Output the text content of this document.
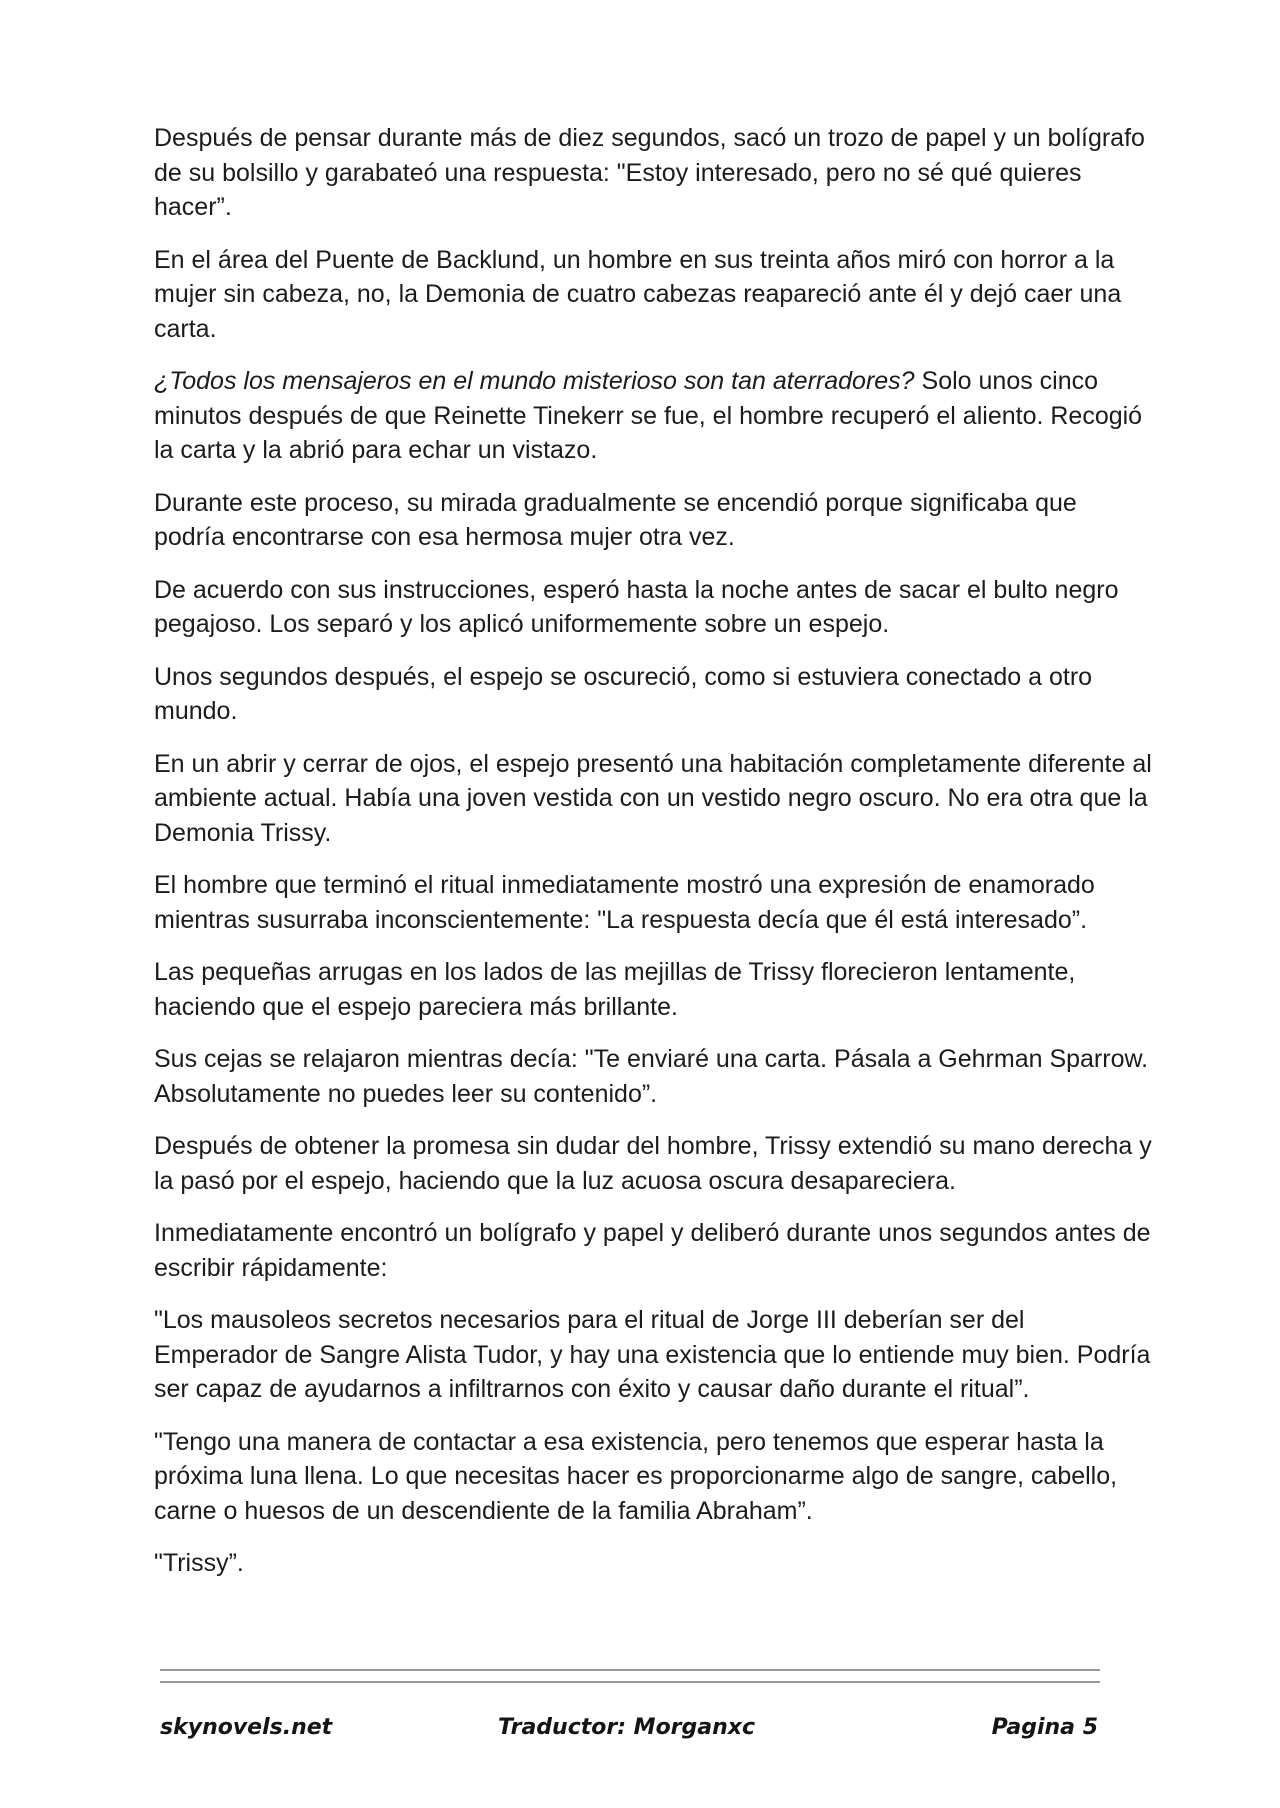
Después de pensar durante más de diez segundos, sacó un trozo de papel y un bolígrafo de su bolsillo y garabateó una respuesta: "Estoy interesado, pero no sé qué quieres hacer”.

En el área del Puente de Backlund, un hombre en sus treinta años miró con horror a la mujer sin cabeza, no, la Demonia de cuatro cabezas reapareció ante él y dejó caer una carta.

¿Todos los mensajeros en el mundo misterioso son tan aterradores? Solo unos cinco minutos después de que Reinette Tinekerr se fue, el hombre recuperó el aliento. Recogió la carta y la abrió para echar un vistazo.

Durante este proceso, su mirada gradualmente se encendió porque significaba que podría encontrarse con esa hermosa mujer otra vez.

De acuerdo con sus instrucciones, esperó hasta la noche antes de sacar el bulto negro pegajoso. Los separó y los aplicó uniformemente sobre un espejo.

Unos segundos después, el espejo se oscureció, como si estuviera conectado a otro mundo.

En un abrir y cerrar de ojos, el espejo presentó una habitación completamente diferente al ambiente actual. Había una joven vestida con un vestido negro oscuro. No era otra que la Demonia Trissy.

El hombre que terminó el ritual inmediatamente mostró una expresión de enamorado mientras susurraba inconscientemente: "La respuesta decía que él está interesado”.

Las pequeñas arrugas en los lados de las mejillas de Trissy florecieron lentamente, haciendo que el espejo pareciera más brillante.

Sus cejas se relajaron mientras decía: "Te enviaré una carta. Pásala a Gehrman Sparrow. Absolutamente no puedes leer su contenido”.

Después de obtener la promesa sin dudar del hombre, Trissy extendió su mano derecha y la pasó por el espejo, haciendo que la luz acuosa oscura desapareciera.

Inmediatamente encontró un bolígrafo y papel y deliberó durante unos segundos antes de escribir rápidamente:

"Los mausoleos secretos necesarios para el ritual de Jorge III deberían ser del Emperador de Sangre Alista Tudor, y hay una existencia que lo entiende muy bien. Podría ser capaz de ayudarnos a infiltrarnos con éxito y causar daño durante el ritual”.

"Tengo una manera de contactar a esa existencia, pero tenemos que esperar hasta la próxima luna llena. Lo que necesitas hacer es proporcionarme algo de sangre, cabello, carne o huesos de un descendiente de la familia Abraham”.

"Trissy”.

skynovels.net	Traductor: Morganxc	Pagina 5
